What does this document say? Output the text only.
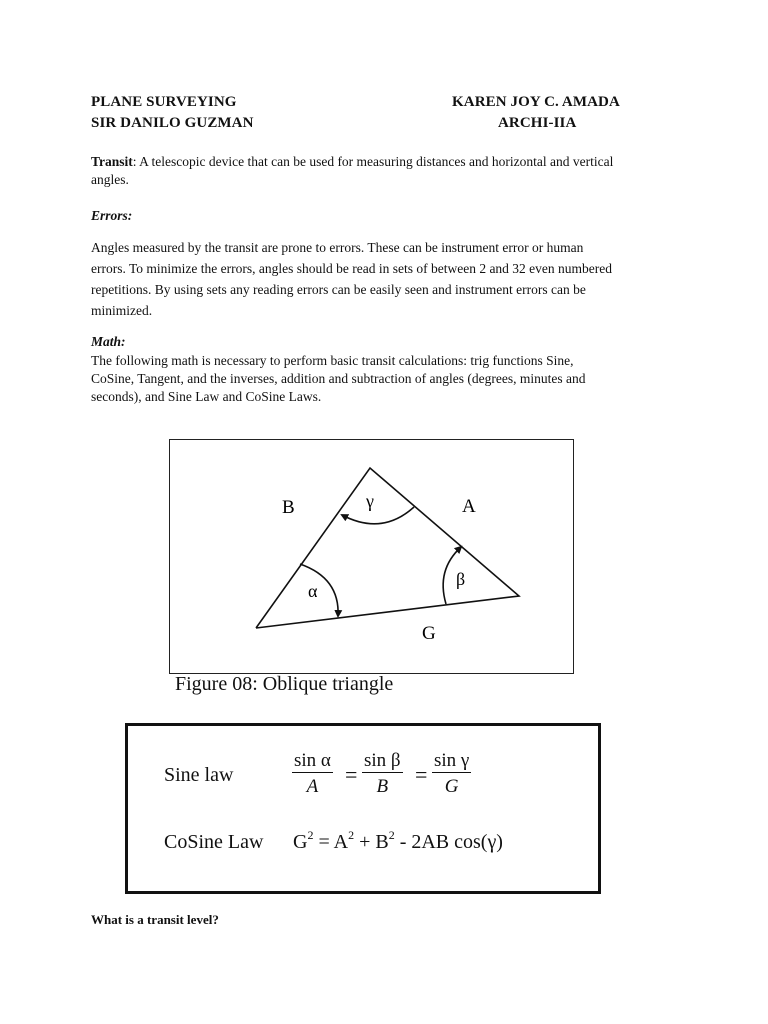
PLANE SURVEYING
SIR DANILO GUZMAN
KAREN JOY C. AMADA
ARCHI-IIA
Transit: A telescopic device that can be used for measuring distances and horizontal and vertical
angles.
Errors:
Angles measured by the transit are prone to errors. These can be instrument error or human
errors. To minimize the errors, angles should be read in sets of between 2 and 32 even numbered
repetitions. By using sets any reading errors can be easily seen and instrument errors can be
minimized.
Math:
The following math is necessary to perform basic transit calculations: trig functions Sine,
CoSine, Tangent, and the inverses, addition and subtraction of angles (degrees, minutes and
seconds), and Sine Law and CoSine Laws.
B	γ	A
β
α
G
Figure 08: Oblique triangle
Sine law	$\frac{\text{sin α}}{A} = \frac{\text{sin β}}{B} = \frac{\text{sin γ}}{G}$
CoSine Law $G^2 = A^2 + B^2 - 2AB$ cos(γ)
What is a transit level?
